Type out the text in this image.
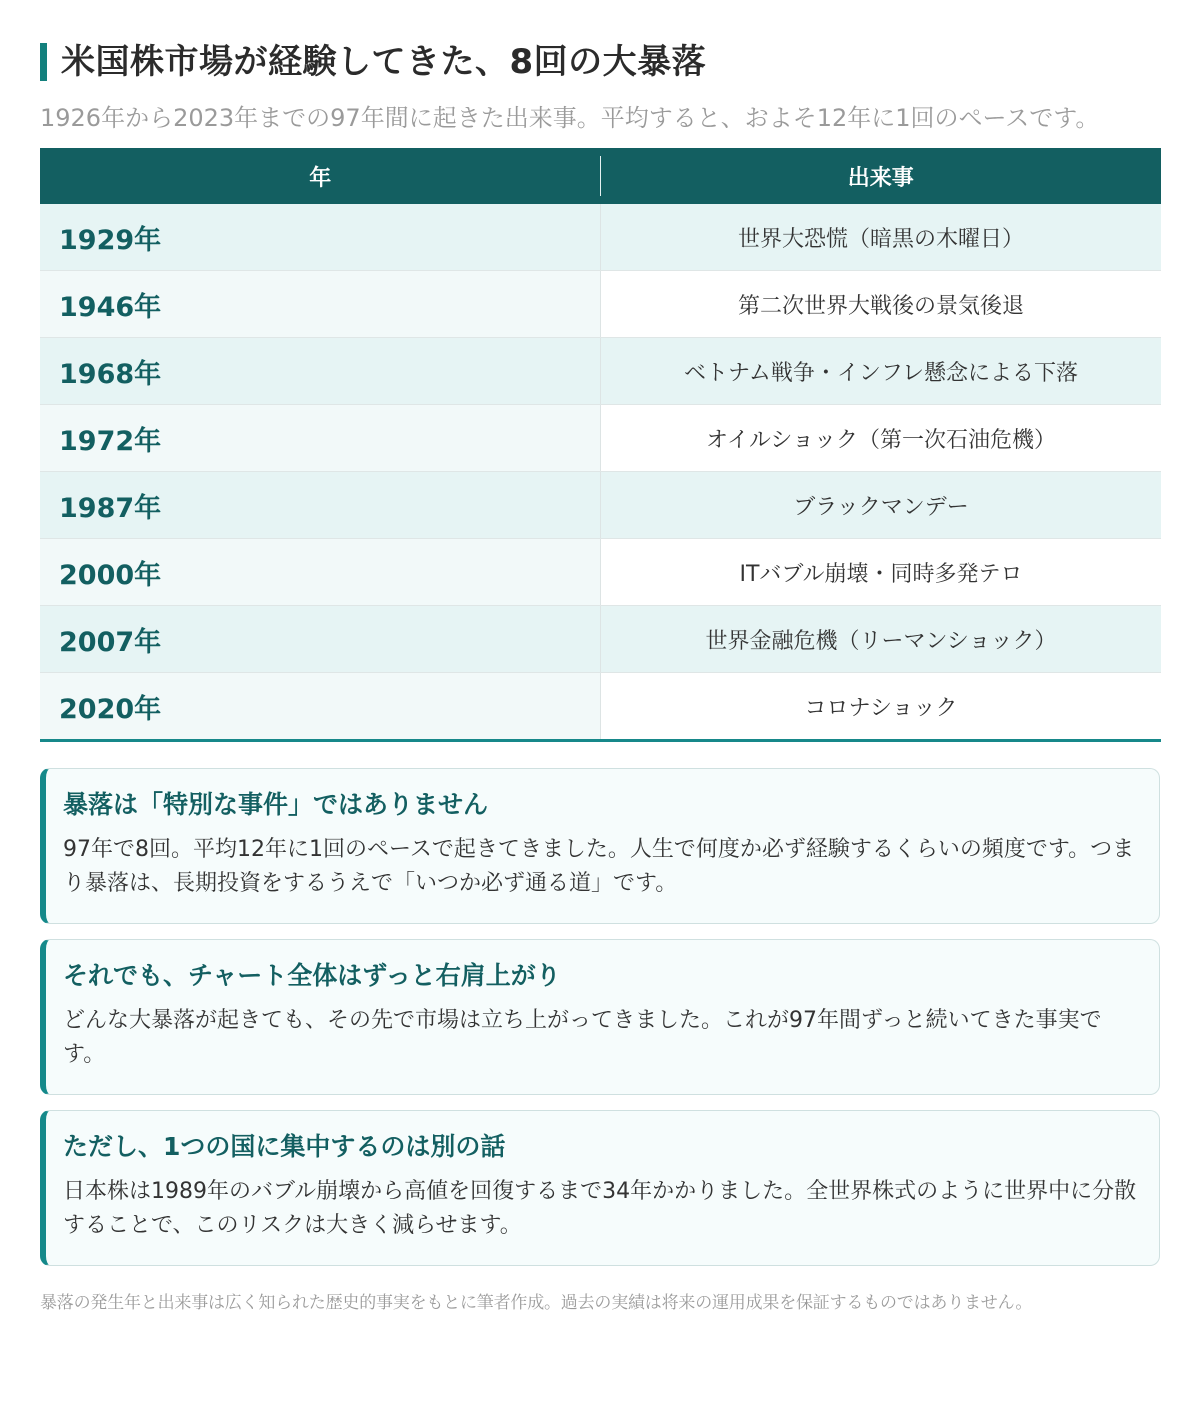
米国株市場が経験してきた、8回の大暴落
1926年から2023年までの97年間に起きた出来事。平均すると、およそ12年に1回のペースです。
年	出来事
1929年	世界大恐慌（暗黒の木曜日）
1946年	第二次世界大戦後の景気後退
1968年	ベトナム戦争・インフレ懸念による下落
1972年	オイルショック（第一次石油危機）
1987年	ブラックマンデー
2000年	ITバブル崩壊・同時多発テロ
2007年	世界金融危機（リーマンショック）
2020年	コロナショック
暴落は「特別な事件」ではありません

97年で8回。平均12年に1回のペースで起きてきました。人生で何度か必ず経験するくらいの頻度です。つまり暴落は、長期投資をするうえで「いつか必ず通る道」です。

それでも、チャート全体はずっと右肩上がり

どんな大暴落が起きても、その先で市場は立ち上がってきました。これが97年間ずっと続いてきた事実です。

ただし、1つの国に集中するのは別の話

日本株は1989年のバブル崩壊から高値を回復するまで34年かかりました。全世界株式のように世界中に分散することで、このリスクは大きく減らせます。

暴落の発生年と出来事は広く知られた歴史的事実をもとに筆者作成。過去の実績は将来の運用成果を保証するものではありません。
